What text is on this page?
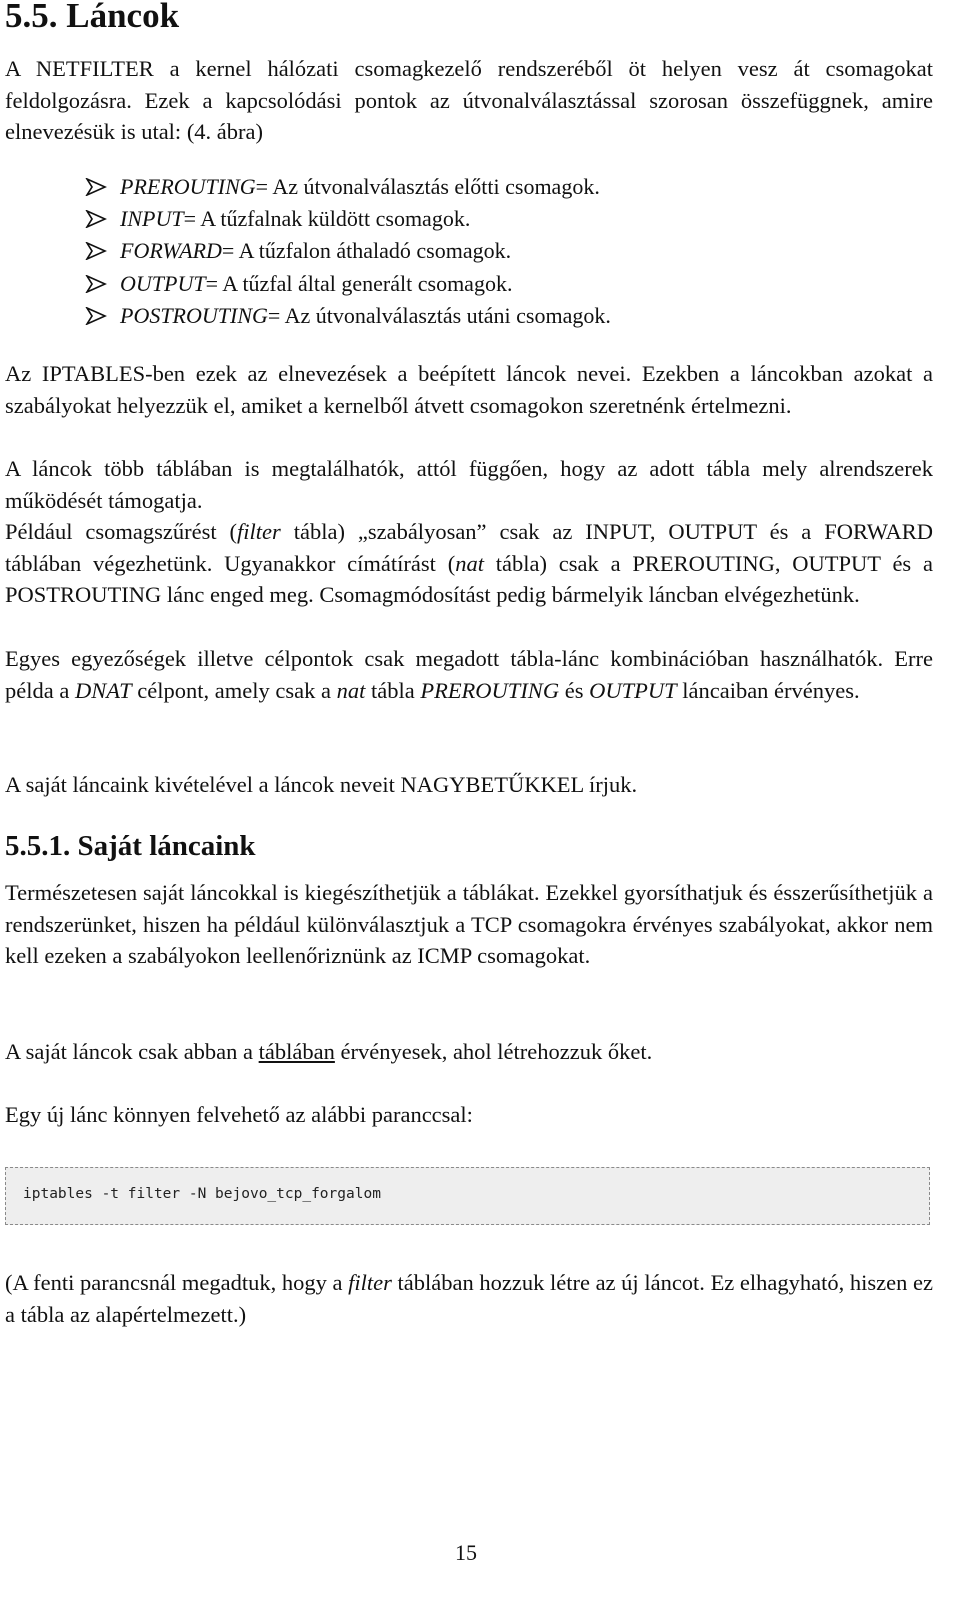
5.5. Láncok

A NETFILTER a kernel hálózati csomagkezelő rendszeréből öt helyen vesz át csomagokat feldolgozásra. Ezek a kapcsolódási pontok az útvonalválasztással szorosan összefüggnek, amire elnevezésük is utal: (4. ábra)

PREROUTING = Az útvonalválasztás előtti csomagok.
INPUT = A tűzfalnak küldött csomagok.
FORWARD = A tűzfalon áthaladó csomagok.
OUTPUT = A tűzfal által generált csomagok.
POSTROUTING = Az útvonalválasztás utáni csomagok.

Az IPTABLES-ben ezek az elnevezések a beépített láncok nevei. Ezekben a láncokban azokat a szabályokat helyezzük el, amiket a kernelből átvett csomagokon szeretnénk értelmezni.

A láncok több táblában is megtalálhatók, attól függően, hogy az adott tábla mely alrendszerek működését támogatja.

Például csomagszűrést (filter tábla) „szabályosan” csak az INPUT, OUTPUT és a FORWARD táblában végezhetünk. Ugyanakkor címátírást (nat tábla) csak a PREROUTING, OUTPUT és a POSTROUTING lánc enged meg. Csomagmódosítást pedig bármelyik láncban elvégezhetünk.

Egyes egyezőségek illetve célpontok csak megadott tábla-lánc kombinációban használhatók. Erre példa a DNAT célpont, amely csak a nat tábla PREROUTING és OUTPUT láncaiban érvényes.

A saját láncaink kivételével a láncok neveit NAGYBETŰKKEL írjuk.

5.5.1. Saját láncaink

Természetesen saját láncokkal is kiegészíthetjük a táblákat. Ezekkel gyorsíthatjuk és ésszerűsíthetjük a rendszerünket, hiszen ha például különválasztjuk a TCP csomagokra érvényes szabályokat, akkor nem kell ezeken a szabályokon leellenőriznünk az ICMP csomagokat.

A saját láncok csak abban a táblában érvényesek, ahol létrehozzuk őket.

Egy új lánc könnyen felvehető az alábbi paranccsal:

iptables -t filter -N bejovo_tcp_forgalom

(A fenti parancsnál megadtuk, hogy a filter táblában hozzuk létre az új láncot. Ez elhagyható, hiszen ez a tábla az alapértelmezett.)

15
